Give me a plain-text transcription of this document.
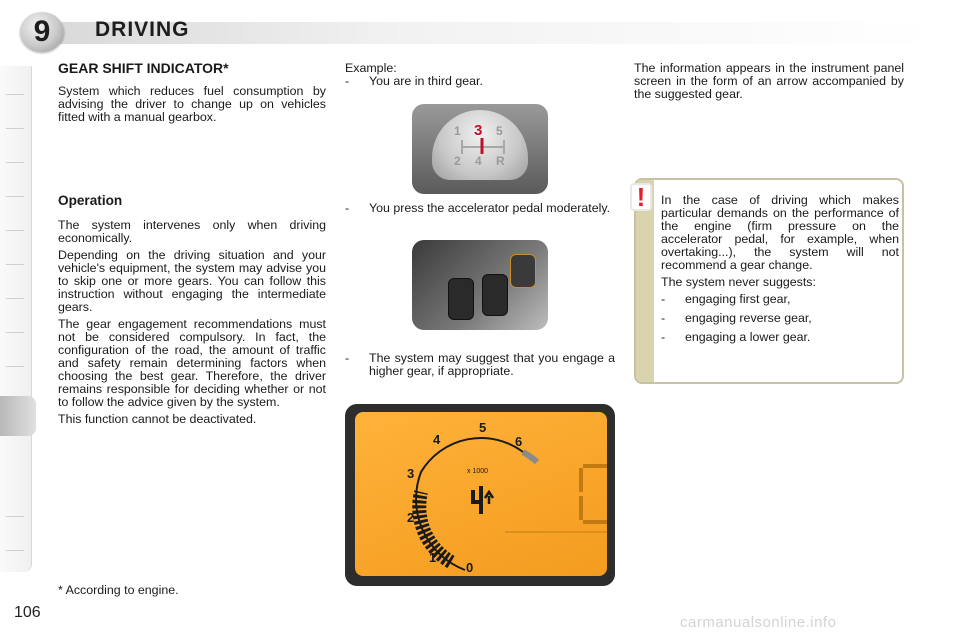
9	DRIVING
GEAR SHIFT INDICATOR*

System which reduces fuel consumption by advising the driver to change up on vehicles fitted with a manual gearbox.

Operation

The system intervenes only when driving economically.

Depending on the driving situation and your vehicle's equipment, the system may advise you to skip one or more gears. You can follow this instruction without engaging the intermediate gears.

The gear engagement recommendations must not be considered compulsory. In fact, the configuration of the road, the amount of traffic and safety remain determining factors when choosing the best gear. Therefore, the driver remains responsible for deciding whether or not to follow the advice given by the system.

This function cannot be deactivated.

* According to engine.
Example:
-	You are in third gear.
-	You press the accelerator pedal moderately.
-	The system may suggest that you engage a higher gear, if appropriate.
1 3 5
2 4 R
x 1000
0
1
2
3
4
5
6
The information appears in the instrument panel screen in the form of an arrow accompanied by the suggested gear.

In the case of driving which makes particular demands on the performance of the engine (firm pressure on the accelerator pedal, for example, when overtaking...), the system will not recommend a gear change.

The system never suggests:

-	engaging first gear,
-	engaging reverse gear,
-	engaging a lower gear.
!
106
carmanualsonline.info
